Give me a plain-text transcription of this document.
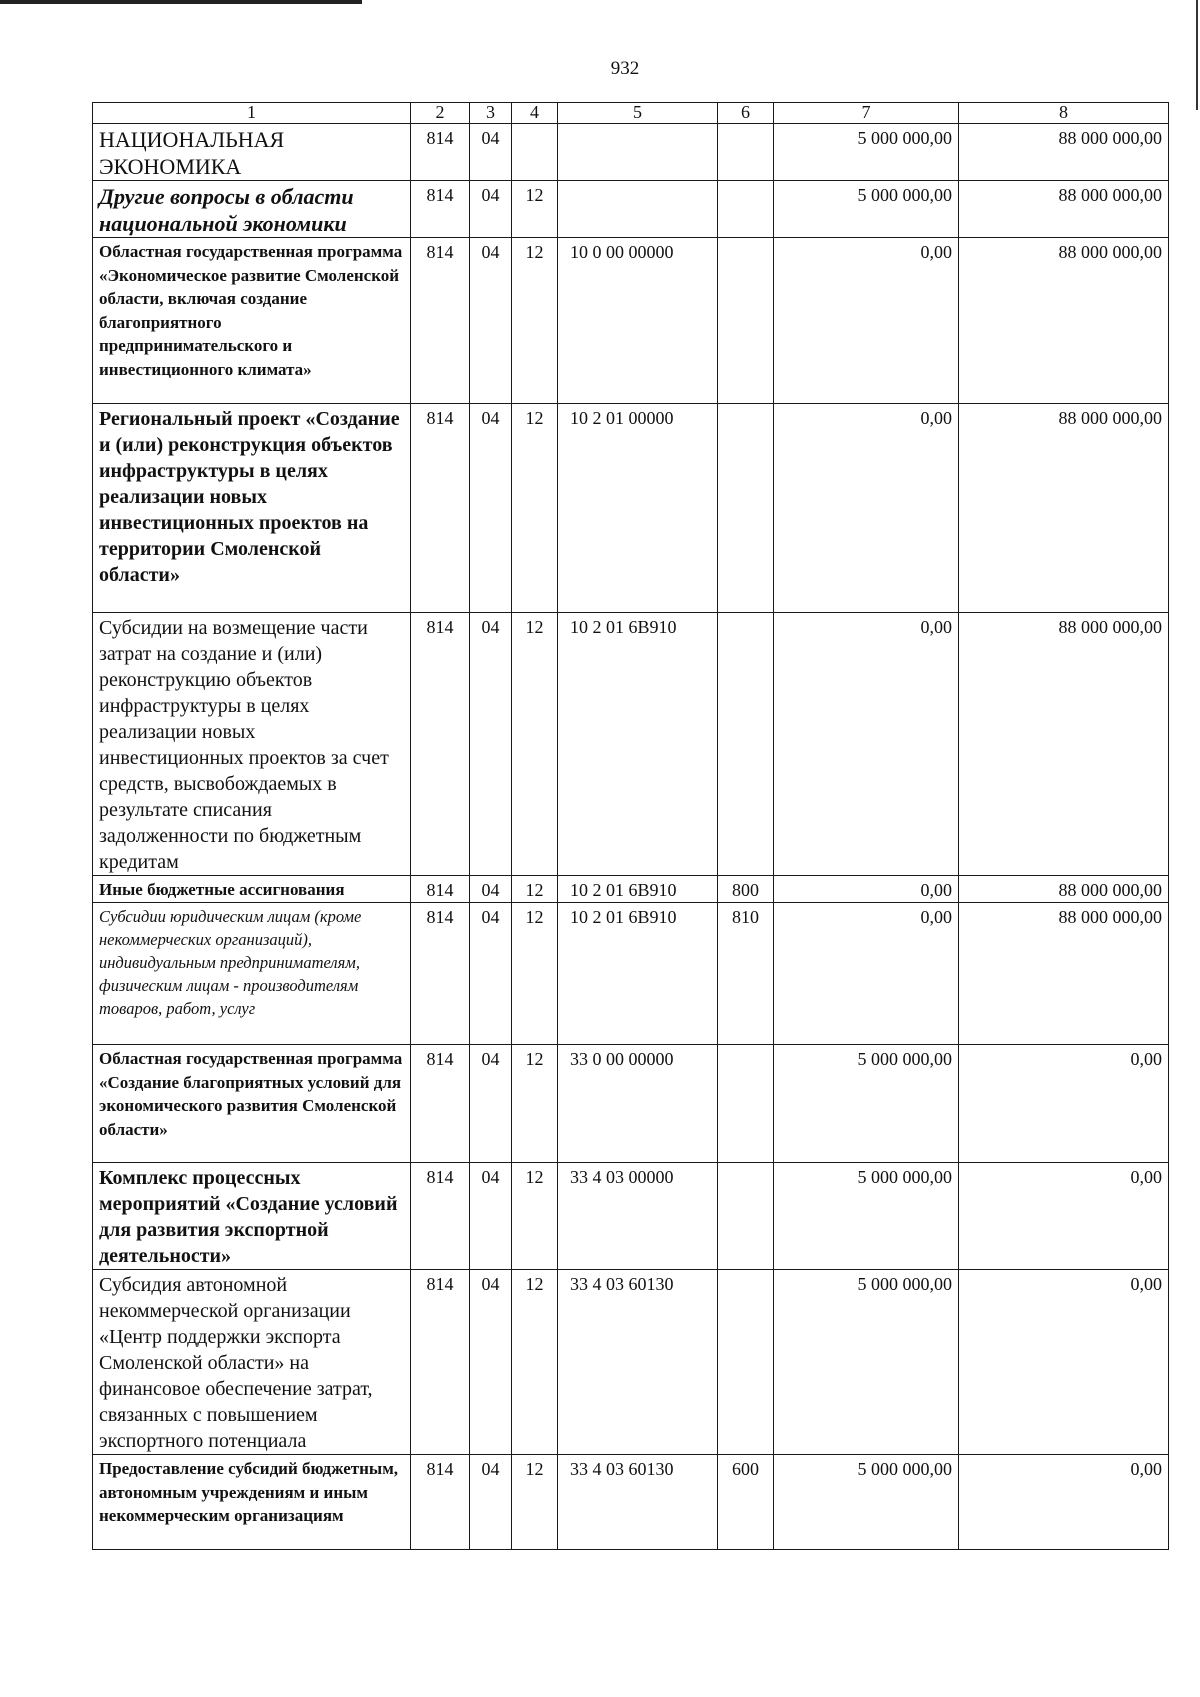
932
1	2	3	4	5	6	7	8
НАЦИОНАЛЬНАЯ ЭКОНОМИКА	814	04				5 000 000,00	88 000 000,00
Другие вопросы в области национальной экономики	814	04	12			5 000 000,00	88 000 000,00
Областная государственная программа «Экономическое развитие Смоленской области, включая создание благоприятного предпринимательского и инвестиционного климата»	814	04	12	10 0 00 00000		0,00	88 000 000,00
Региональный проект «Создание и (или) реконструкция объектов инфраструктуры в целях реализации новых инвестиционных проектов на территории Смоленской области»	814	04	12	10 2 01 00000		0,00	88 000 000,00
Субсидии на возмещение части затрат на создание и (или) реконструкцию объектов инфраструктуры в целях реализации новых инвестиционных проектов за счет средств, высвобождаемых в результате списания задолженности по бюджетным кредитам	814	04	12	10 2 01 6В910		0,00	88 000 000,00
Иные бюджетные ассигнования	814	04	12	10 2 01 6В910	800	0,00	88 000 000,00
Субсидии юридическим лицам (кроме некоммерческих организаций), индивидуальным предпринимателям, физическим лицам - производителям товаров, работ, услуг	814	04	12	10 2 01 6В910	810	0,00	88 000 000,00
Областная государственная программа «Создание благоприятных условий для экономического развития Смоленской области»	814	04	12	33 0 00 00000		5 000 000,00	0,00
Комплекс процессных мероприятий «Создание условий для развития экспортной деятельности»	814	04	12	33 4 03 00000		5 000 000,00	0,00
Субсидия автономной некоммерческой организации «Центр поддержки экспорта Смоленской области» на финансовое обеспечение затрат, связанных с повышением экспортного потенциала	814	04	12	33 4 03 60130		5 000 000,00	0,00
Предоставление субсидий бюджетным, автономным учреждениям и иным некоммерческим организациям	814	04	12	33 4 03 60130	600	5 000 000,00	0,00
